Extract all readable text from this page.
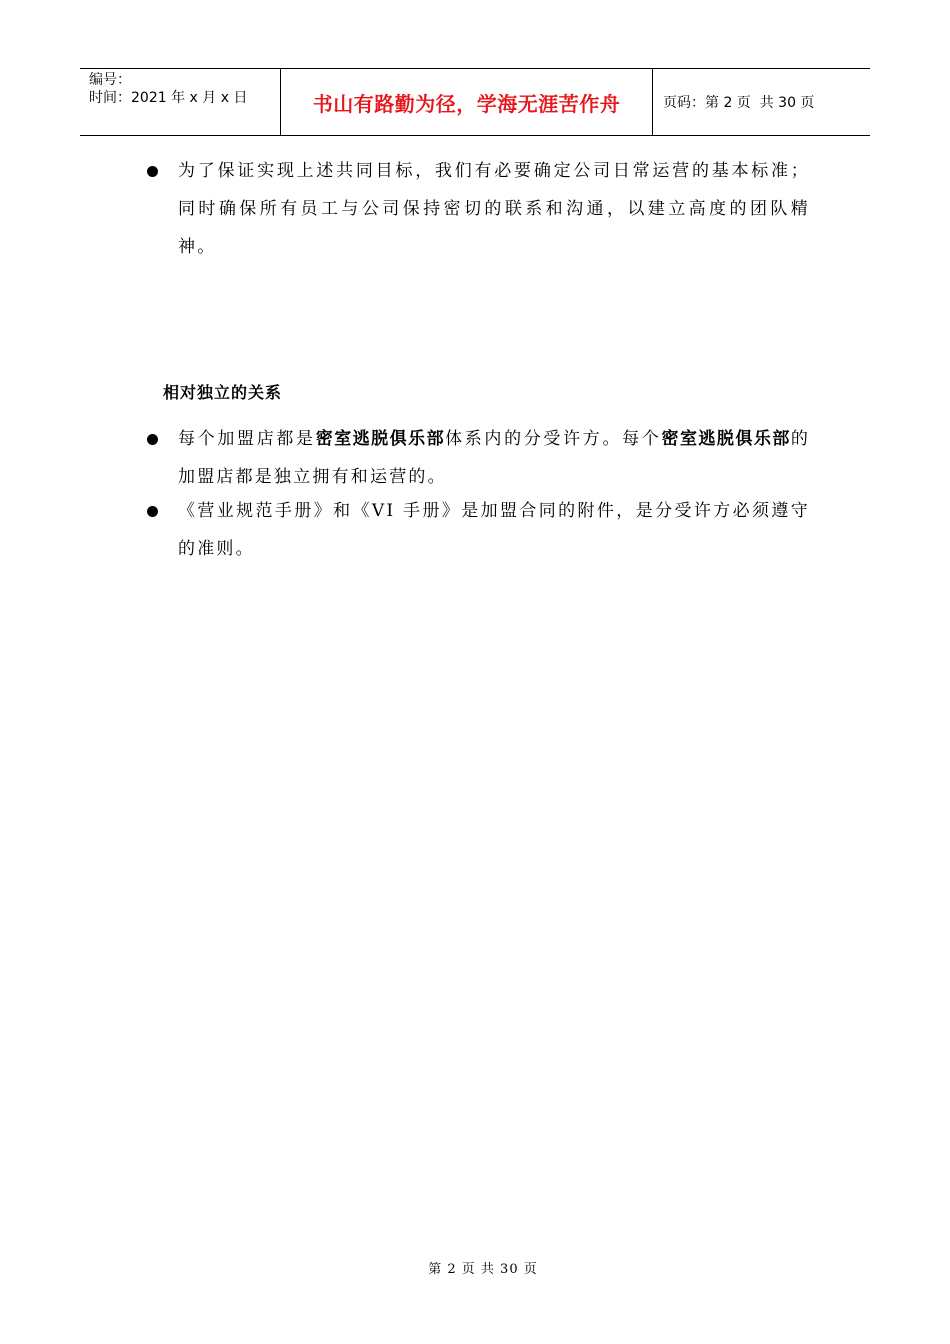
编号：
时间：2021 年 x 月 x 日	书山有路勤为径，学海无涯苦作舟	页码：第 2 页  共 30 页
为了保证实现上述共同目标，我们有必要确定公司日常运营的基本标准；同时确保所有员工与公司保持密切的联系和沟通，以建立高度的团队精神。
相对独立的关系
每个加盟店都是密室逃脱俱乐部体系内的分受许方。每个密室逃脱俱乐部的加盟店都是独立拥有和运营的。
《营业规范手册》和《VI 手册》是加盟合同的附件，是分受许方必须遵守的准则。
第 2 页 共 30 页
